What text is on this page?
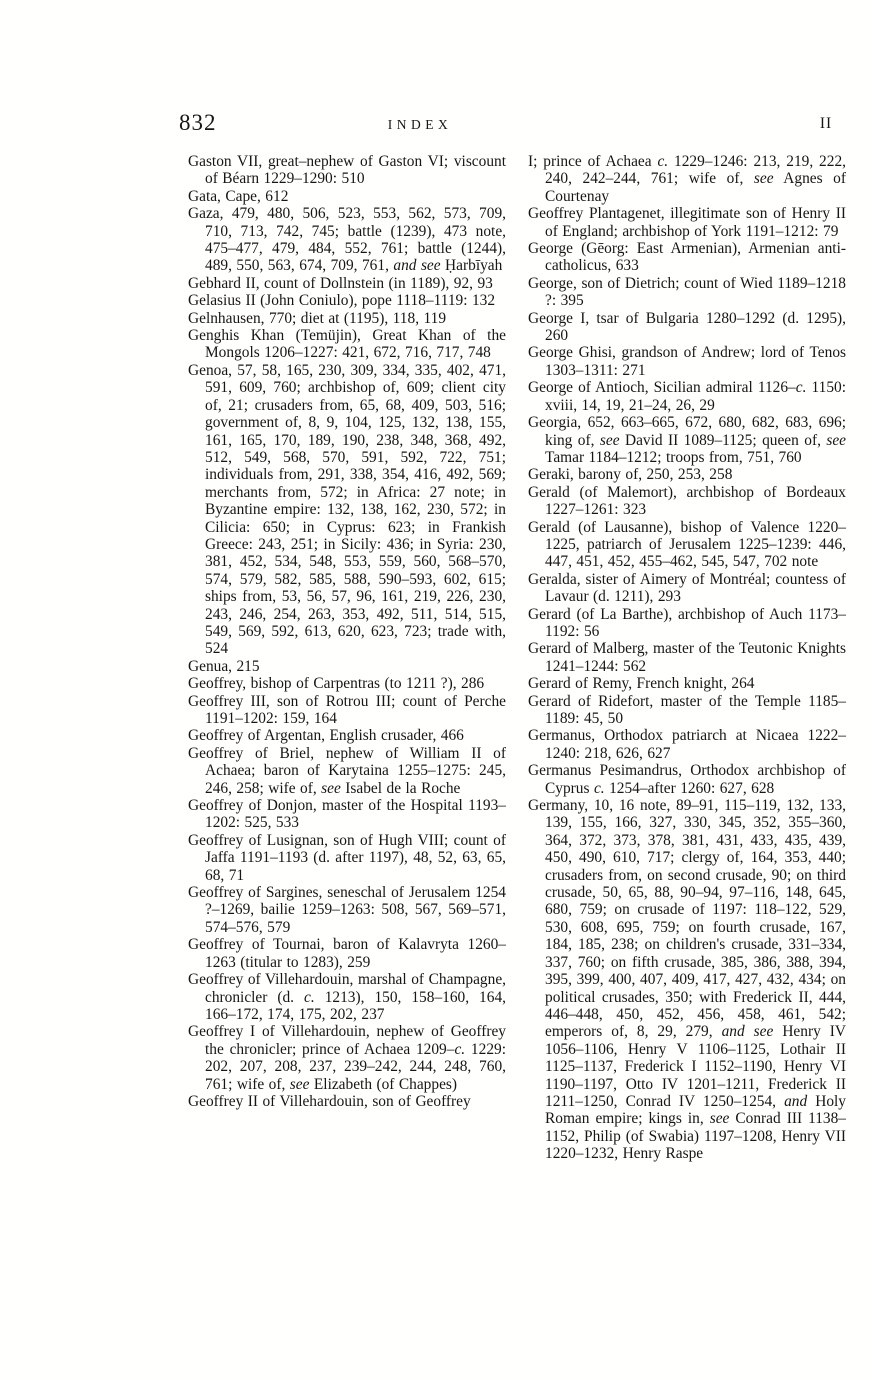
832	INDEX	II

Gaston VII, great–nephew of Gaston VI; viscount of Béarn 1229–1290: 510

Gata, Cape, 612

Gaza, 479, 480, 506, 523, 553, 562, 573, 709, 710, 713, 742, 745; battle (1239), 473 note, 475–477, 479, 484, 552, 761; battle (1244), 489, 550, 563, 674, 709, 761, and see Ḥarbīyah

Gebhard II, count of Dollnstein (in 1189), 92, 93

Gelasius II (John Coniulo), pope 1118–1119: 132

Gelnhausen, 770; diet at (1195), 118, 119

Genghis Khan (Temüjin), Great Khan of the Mongols 1206–1227: 421, 672, 716, 717, 748

Genoa, 57, 58, 165, 230, 309, 334, 335, 402, 471, 591, 609, 760; archbishop of, 609; client city of, 21; crusaders from, 65, 68, 409, 503, 516; government of, 8, 9, 104, 125, 132, 138, 155, 161, 165, 170, 189, 190, 238, 348, 368, 492, 512, 549, 568, 570, 591, 592, 722, 751; individuals from, 291, 338, 354, 416, 492, 569; merchants from, 572; in Africa: 27 note; in Byzantine empire: 132, 138, 162, 230, 572; in Cilicia: 650; in Cyprus: 623; in Frankish Greece: 243, 251; in Sicily: 436; in Syria: 230, 381, 452, 534, 548, 553, 559, 560, 568–570, 574, 579, 582, 585, 588, 590–593, 602, 615; ships from, 53, 56, 57, 96, 161, 219, 226, 230, 243, 246, 254, 263, 353, 492, 511, 514, 515, 549, 569, 592, 613, 620, 623, 723; trade with, 524

Genua, 215

Geoffrey, bishop of Carpentras (to 1211 ?), 286

Geoffrey III, son of Rotrou III; count of Perche 1191–1202: 159, 164

Geoffrey of Argentan, English crusader, 466

Geoffrey of Briel, nephew of William II of Achaea; baron of Karytaina 1255–1275: 245, 246, 258; wife of, see Isabel de la Roche

Geoffrey of Donjon, master of the Hospital 1193–1202: 525, 533

Geoffrey of Lusignan, son of Hugh VIII; count of Jaffa 1191–1193 (d. after 1197), 48, 52, 63, 65, 68, 71

Geoffrey of Sargines, seneschal of Jerusalem 1254 ?–1269, bailie 1259–1263: 508, 567, 569–571, 574–576, 579

Geoffrey of Tournai, baron of Kalavryta 1260–1263 (titular to 1283), 259

Geoffrey of Villehardouin, marshal of Champagne, chronicler (d. c. 1213), 150, 158–160, 164, 166–172, 174, 175, 202, 237

Geoffrey I of Villehardouin, nephew of Geoffrey the chronicler; prince of Achaea 1209–c. 1229: 202, 207, 208, 237, 239–242, 244, 248, 760, 761; wife of, see Elizabeth (of Chappes)

Geoffrey II of Villehardouin, son of Geoffrey

I; prince of Achaea c. 1229–1246: 213, 219, 222, 240, 242–244, 761; wife of, see Agnes of Courtenay

Geoffrey Plantagenet, illegitimate son of Henry II of England; archbishop of York 1191–1212: 79

George (Gēorg: East Armenian), Armenian anti-catholicus, 633

George, son of Dietrich; count of Wied 1189–1218 ?: 395

George I, tsar of Bulgaria 1280–1292 (d. 1295), 260

George Ghisi, grandson of Andrew; lord of Tenos 1303–1311: 271

George of Antioch, Sicilian admiral 1126–c. 1150: xviii, 14, 19, 21–24, 26, 29

Georgia, 652, 663–665, 672, 680, 682, 683, 696; king of, see David II 1089–1125; queen of, see Tamar 1184–1212; troops from, 751, 760

Geraki, barony of, 250, 253, 258

Gerald (of Malemort), archbishop of Bordeaux 1227–1261: 323

Gerald (of Lausanne), bishop of Valence 1220–1225, patriarch of Jerusalem 1225–1239: 446, 447, 451, 452, 455–462, 545, 547, 702 note

Geralda, sister of Aimery of Montréal; countess of Lavaur (d. 1211), 293

Gerard (of La Barthe), archbishop of Auch 1173–1192: 56

Gerard of Malberg, master of the Teutonic Knights 1241–1244: 562

Gerard of Remy, French knight, 264

Gerard of Ridefort, master of the Temple 1185–1189: 45, 50

Germanus, Orthodox patriarch at Nicaea 1222–1240: 218, 626, 627

Germanus Pesimandrus, Orthodox archbishop of Cyprus c. 1254–after 1260: 627, 628

Germany, 10, 16 note, 89–91, 115–119, 132, 133, 139, 155, 166, 327, 330, 345, 352, 355–360, 364, 372, 373, 378, 381, 431, 433, 435, 439, 450, 490, 610, 717; clergy of, 164, 353, 440; crusaders from, on second crusade, 90; on third crusade, 50, 65, 88, 90–94, 97–116, 148, 645, 680, 759; on crusade of 1197: 118–122, 529, 530, 608, 695, 759; on fourth crusade, 167, 184, 185, 238; on children's crusade, 331–334, 337, 760; on fifth crusade, 385, 386, 388, 394, 395, 399, 400, 407, 409, 417, 427, 432, 434; on political crusades, 350; with Frederick II, 444, 446–448, 450, 452, 456, 458, 461, 542; emperors of, 8, 29, 279, and see Henry IV 1056–1106, Henry V 1106–1125, Lothair II 1125–1137, Frederick I 1152–1190, Henry VI 1190–1197, Otto IV 1201–1211, Frederick II 1211–1250, Conrad IV 1250–1254, and Holy Roman empire; kings in, see Conrad III 1138–1152, Philip (of Swabia) 1197–1208, Henry VII 1220–1232, Henry Raspe
